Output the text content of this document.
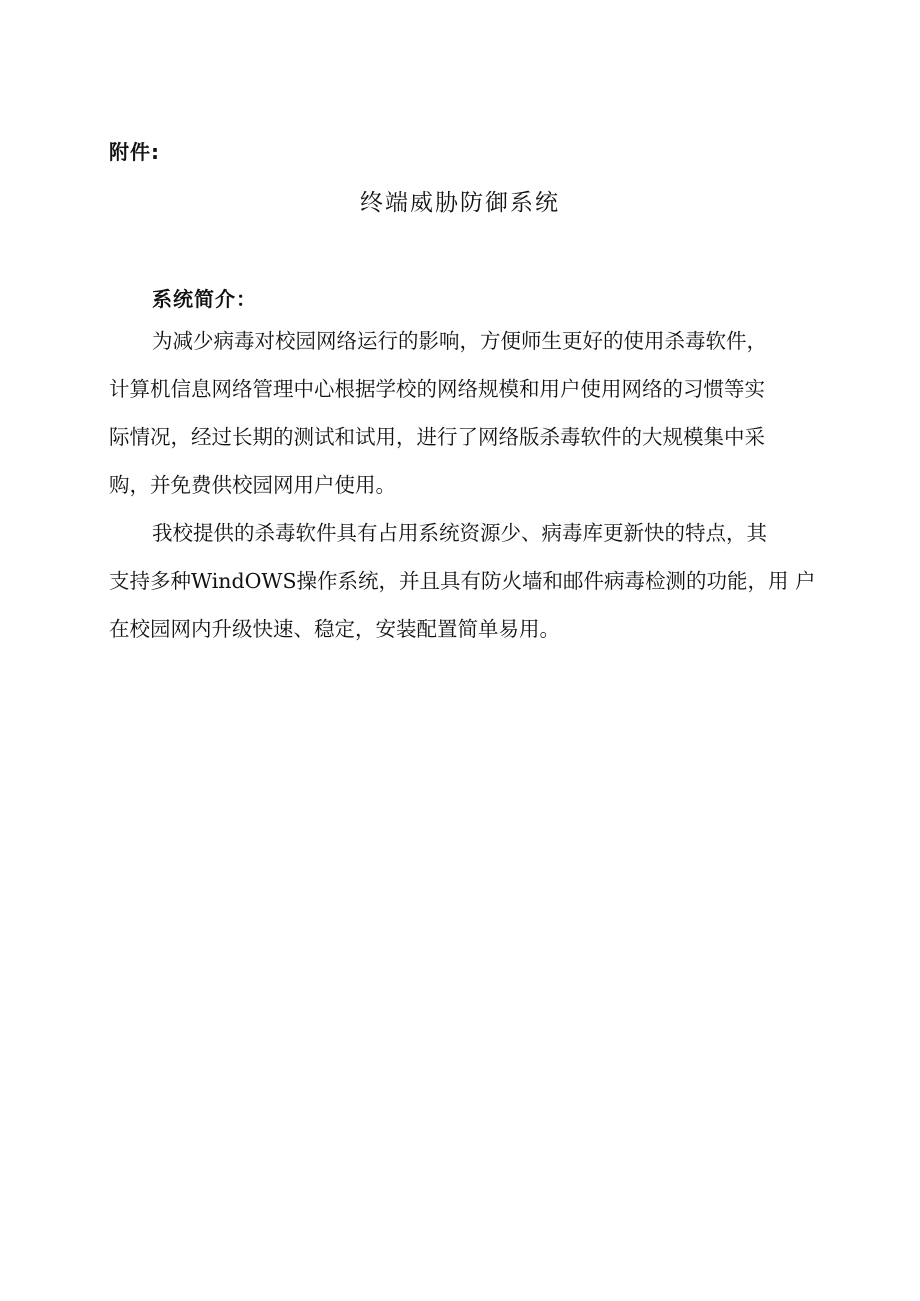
附件:
终端威胁防御系统
系统简介：
为减少病毒对校园网络运行的影响，方便师生更好的使用杀毒软件，
计算机信息网络管理中心根据学校的网络规模和用户使用网络的习惯等实
际情况，经过长期的测试和试用，进行了网络版杀毒软件的大规模集中采
购，并免费供校园网用户使用。
我校提供的杀毒软件具有占用系统资源少、病毒库更新快的特点，其
支持多种WindOWS操作系统，并且具有防火墙和邮件病毒检测的功能，用 户
在校园网内升级快速、稳定，安装配置简单易用。
